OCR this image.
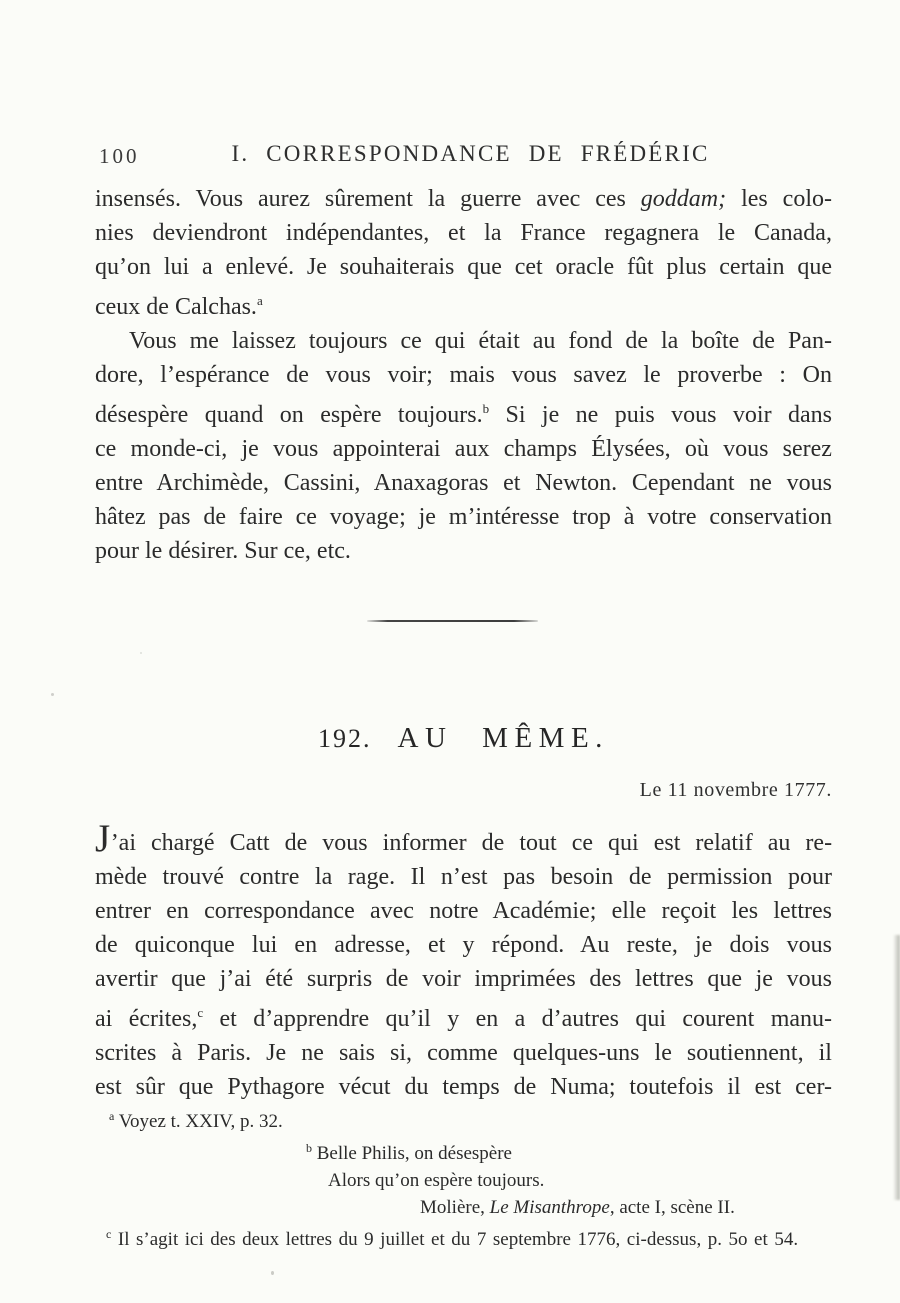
100	I. CORRESPONDANCE DE FRÉDÉRIC
insensés. Vous aurez sûrement la guerre avec ces goddam; les colo-
nies deviendront indépendantes, et la France regagnera le Canada,
qu’on lui a enlevé. Je souhaiterais que cet oracle fût plus certain que
ceux de Calchas.$^a$
Vous me laissez toujours ce qui était au fond de la boîte de Pan-
dore, l’espérance de vous voir; mais vous savez le proverbe : On
désespère quand on espère toujours.$^b$ Si je ne puis vous voir dans
ce monde-ci, je vous appointerai aux champs Élysées, où vous serez
entre Archimède, Cassini, Anaxagoras et Newton. Cependant ne vous
hâtez pas de faire ce voyage; je m’intéresse trop à votre conservation
pour le désirer. Sur ce, etc.
192. AU MÊME.
Le 11 novembre 1777.
J’ai chargé Catt de vous informer de tout ce qui est relatif au re-
mède trouvé contre la rage. Il n’est pas besoin de permission pour
entrer en correspondance avec notre Académie; elle reçoit les lettres
de quiconque lui en adresse, et y répond. Au reste, je dois vous
avertir que j’ai été surpris de voir imprimées des lettres que je vous
ai écrites,$^c$ et d’apprendre qu’il y en a d’autres qui courent manu-
scrites à Paris. Je ne sais si, comme quelques-uns le soutiennent, il
est sûr que Pythagore vécut du temps de Numa; toutefois il est cer-
$^a$ Voyez t. XXIV, p. 32.
$^b$ Belle Philis, on désespère
Alors qu’on espère toujours.
Molière, Le Misanthrope, acte I, scène II.
$^c$ Il s’agit ici des deux lettres du 9 juillet et du 7 septembre 1776, ci-dessus, p. 5o et 54.
